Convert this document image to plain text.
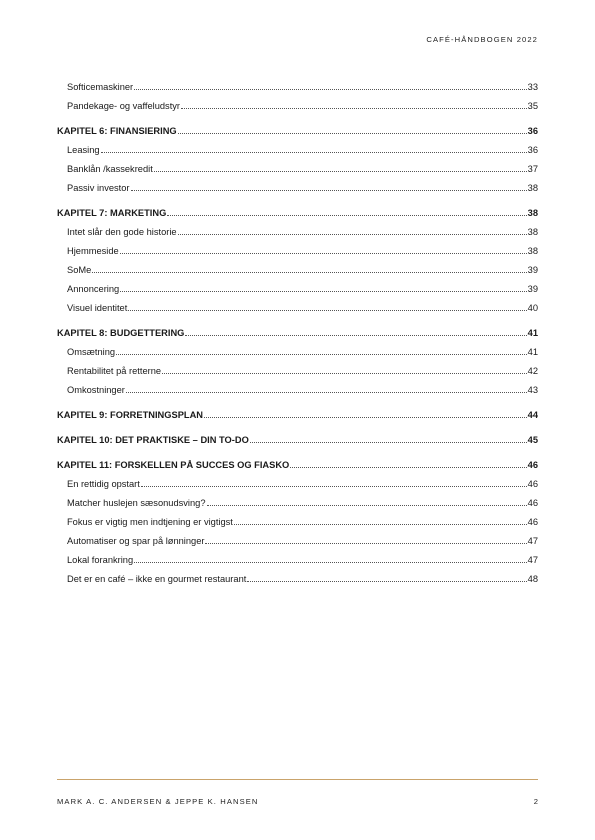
CAFÉ-HÅNDBOGEN 2022
Softicemaskiner	33
Pandekage- og vaffeludstyr	35
KAPITEL 6: FINANSIERING	36
Leasing	36
Banklån /kassekredit	37
Passiv investor	38
KAPITEL 7: MARKETING	38
Intet slår den gode historie	38
Hjemmeside	38
SoMe	39
Annoncering	39
Visuel identitet	40
KAPITEL 8: BUDGETTERING	41
Omsætning	41
Rentabilitet på retterne	42
Omkostninger	43
KAPITEL 9: FORRETNINGSPLAN	44
KAPITEL 10: DET PRAKTISKE – DIN TO-DO	45
KAPITEL 11: FORSKELLEN PÅ SUCCES OG FIASKO	46
En rettidig opstart	46
Matcher huslejen sæsonudsving?	46
Fokus er vigtig men indtjening er vigtigst	46
Automatiser og spar på lønninger	47
Lokal forankring	47
Det er en café – ikke en gourmet restaurant	48
MARK A. C. ANDERSEN & JEPPE K. HANSEN	2
